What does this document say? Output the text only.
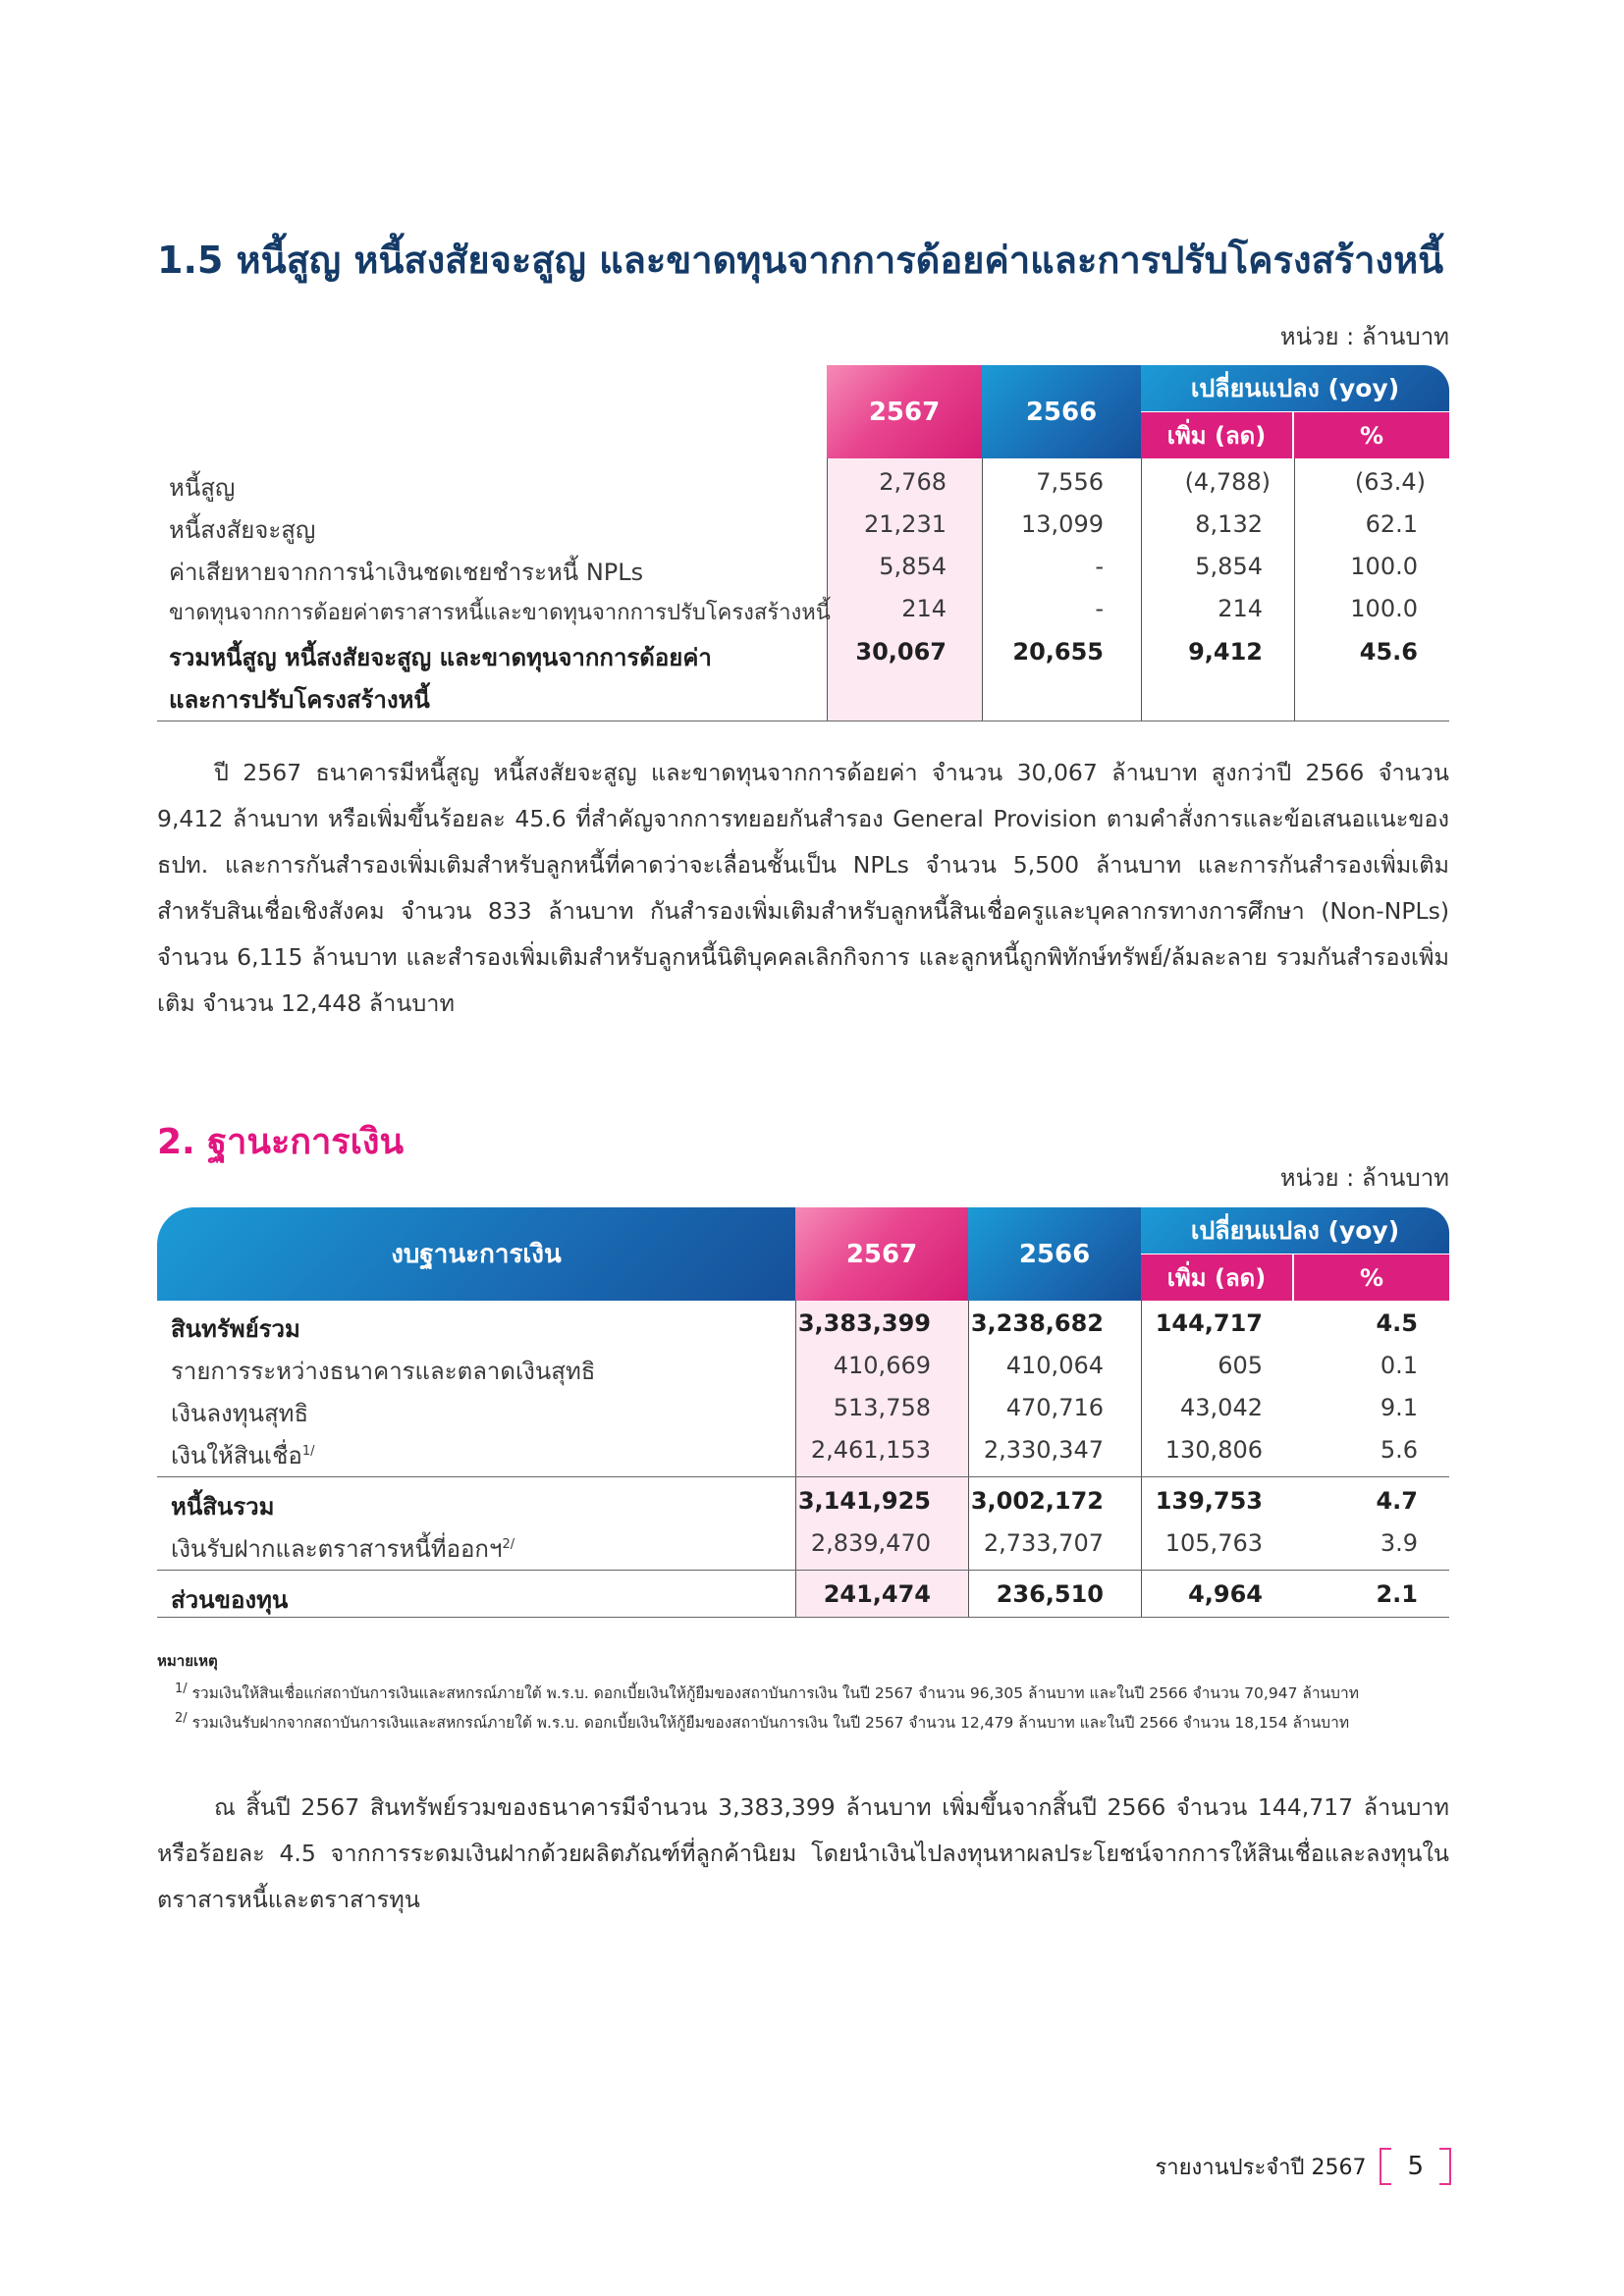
1.5 หนี้สูญ หนี้สงสัยจะสูญ และขาดทุนจากการด้อยค่าและการปรับโครงสร้างหนี้
หน่วย : ล้านบาท
2567	2566
เปลี่ยนแปลง (yoy)
เพิ่ม (ลด)	%
หนี้สูญ	2,768	7,556	(4,788)	(63.4)
หนี้สงสัยจะสูญ	21,231	13,099	8,132	62.1
ค่าเสียหายจากการนำเงินชดเชยชำระหนี้ NPLs	5,854	-	5,854	100.0
ขาดทุนจากการด้อยค่าตราสารหนี้และขาดทุนจากการปรับโครงสร้างหนี้	214	-	214	100.0
รวมหนี้สูญ หนี้สงสัยจะสูญ และขาดทุนจากการด้อยค่า
และการปรับโครงสร้างหนี้
30,067	20,655	9,412	45.6

ปี 2567 ธนาคารมีหนี้สูญ หนี้สงสัยจะสูญ และขาดทุนจากการด้อยค่า จำนวน 30,067 ล้านบาท สูงกว่าปี 2566 จำนวน 9,412 ล้านบาท หรือเพิ่มขึ้นร้อยละ 45.6 ที่สำคัญจากการทยอยกันสำรอง General Provision ตามคำสั่งการและข้อเสนอแนะของ ธปท. และการกันสำรองเพิ่มเติมสำหรับลูกหนี้ที่คาดว่าจะเลื่อนชั้นเป็น NPLs จำนวน 5,500 ล้านบาท และการกันสำรองเพิ่มเติมสำหรับสินเชื่อเชิงสังคม จำนวน 833 ล้านบาท กันสำรองเพิ่มเติมสำหรับลูกหนี้สินเชื่อครูและบุคลากรทางการศึกษา (Non-NPLs) จำนวน 6,115 ล้านบาท และสำรองเพิ่มเติมสำหรับลูกหนี้นิติบุคคลเลิกกิจการ และลูกหนี้ถูกพิทักษ์ทรัพย์/ล้มละลาย รวมกันสำรองเพิ่มเติม จำนวน 12,448 ล้านบาท

2. ฐานะการเงิน
หน่วย : ล้านบาท
งบฐานะการเงิน	2567	2566
เปลี่ยนแปลง (yoy)
เพิ่ม (ลด)	%
สินทรัพย์รวม	3,383,399 3,238,682 144,717	4.5
รายการระหว่างธนาคารและตลาดเงินสุทธิ	410,669	410,064	605	0.1
เงินลงทุนสุทธิ	513,758	470,716	43,042	9.1
เงินให้สินเชื่อ$^{1/}$	2,461,153 2,330,347	130,806	5.6
หนี้สินรวม	3,141,925 3,002,172 139,753	4.7
เงินรับฝากและตราสารหนี้ที่ออกฯ$^{2/}$	2,839,470 2,733,707	105,763	3.9
ส่วนของทุน	241,474	236,510	4,964	2.1
หมายเหตุ
$^{1/}$ รวมเงินให้สินเชื่อแก่สถาบันการเงินและสหกรณ์ภายใต้ พ.ร.บ. ดอกเบี้ยเงินให้กู้ยืมของสถาบันการเงิน ในปี 2567 จำนวน 96,305 ล้านบาท และในปี 2566 จำนวน 70,947 ล้านบาท
$^{2/}$ รวมเงินรับฝากจากสถาบันการเงินและสหกรณ์ภายใต้ พ.ร.บ. ดอกเบี้ยเงินให้กู้ยืมของสถาบันการเงิน ในปี 2567 จำนวน 12,479 ล้านบาท และในปี 2566 จำนวน 18,154 ล้านบาท

ณ สิ้นปี 2567 สินทรัพย์รวมของธนาคารมีจำนวน 3,383,399 ล้านบาท เพิ่มขึ้นจากสิ้นปี 2566 จำนวน 144,717 ล้านบาท หรือร้อยละ 4.5 จากการระดมเงินฝากด้วยผลิตภัณฑ์ที่ลูกค้านิยม โดยนำเงินไปลงทุนหาผลประโยชน์จากการให้สินเชื่อและลงทุนในตราสารหนี้และตราสารทุน

รายงานประจำปี 2567	5
